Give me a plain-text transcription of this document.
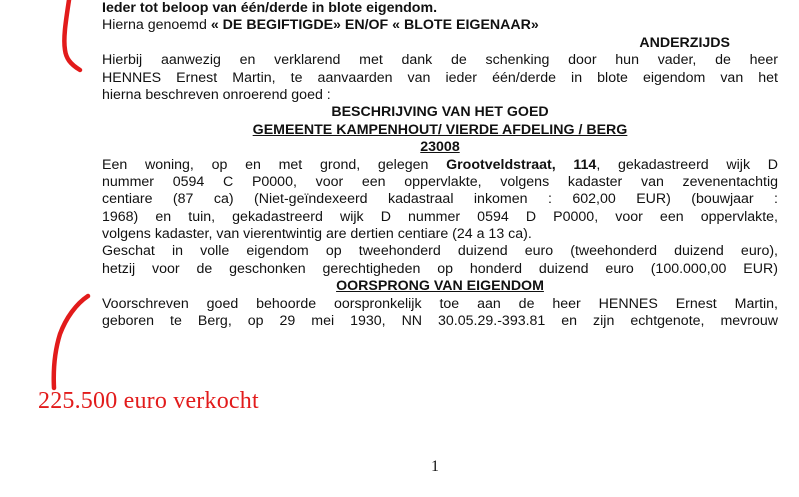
Ieder tot beloop van één/derde in blote eigendom.
Hierna genoemd « DE BEGIFTIGDE» EN/OF « BLOTE EIGENAAR»
ANDERZIJDS
Hierbij aanwezig en verklarend met dank de schenking door hun vader, de heer
HENNES Ernest Martin, te aanvaarden van ieder één/derde in blote eigendom van het
hierna beschreven onroerend goed :
BESCHRIJVING VAN HET GOED
GEMEENTE KAMPENHOUT/ VIERDE AFDELING / BERG
23008
Een woning, op en met grond, gelegen Grootveldstraat, 114, gekadastreerd wijk D
nummer 0594 C P0000, voor een oppervlakte, volgens kadaster van zevenentachtig
centiare (87 ca) (Niet-geïndexeerd kadastraal inkomen : 602,00 EUR) (bouwjaar :
1968) en tuin, gekadastreerd wijk D nummer 0594 D P0000, voor een oppervlakte,
volgens kadaster, van vierentwintig are dertien centiare (24 a 13 ca).
Geschat in volle eigendom op tweehonderd duizend euro (tweehonderd duizend euro),
hetzij voor de geschonken gerechtigheden op honderd duizend euro (100.000,00 EUR)
OORSPRONG VAN EIGENDOM
Voorschreven goed behoorde oorspronkelijk toe aan de heer HENNES Ernest Martin,
geboren te Berg, op 29 mei 1930, NN 30.05.29.-393.81 en zijn echtgenote, mevrouw
225.500 euro verkocht
1
